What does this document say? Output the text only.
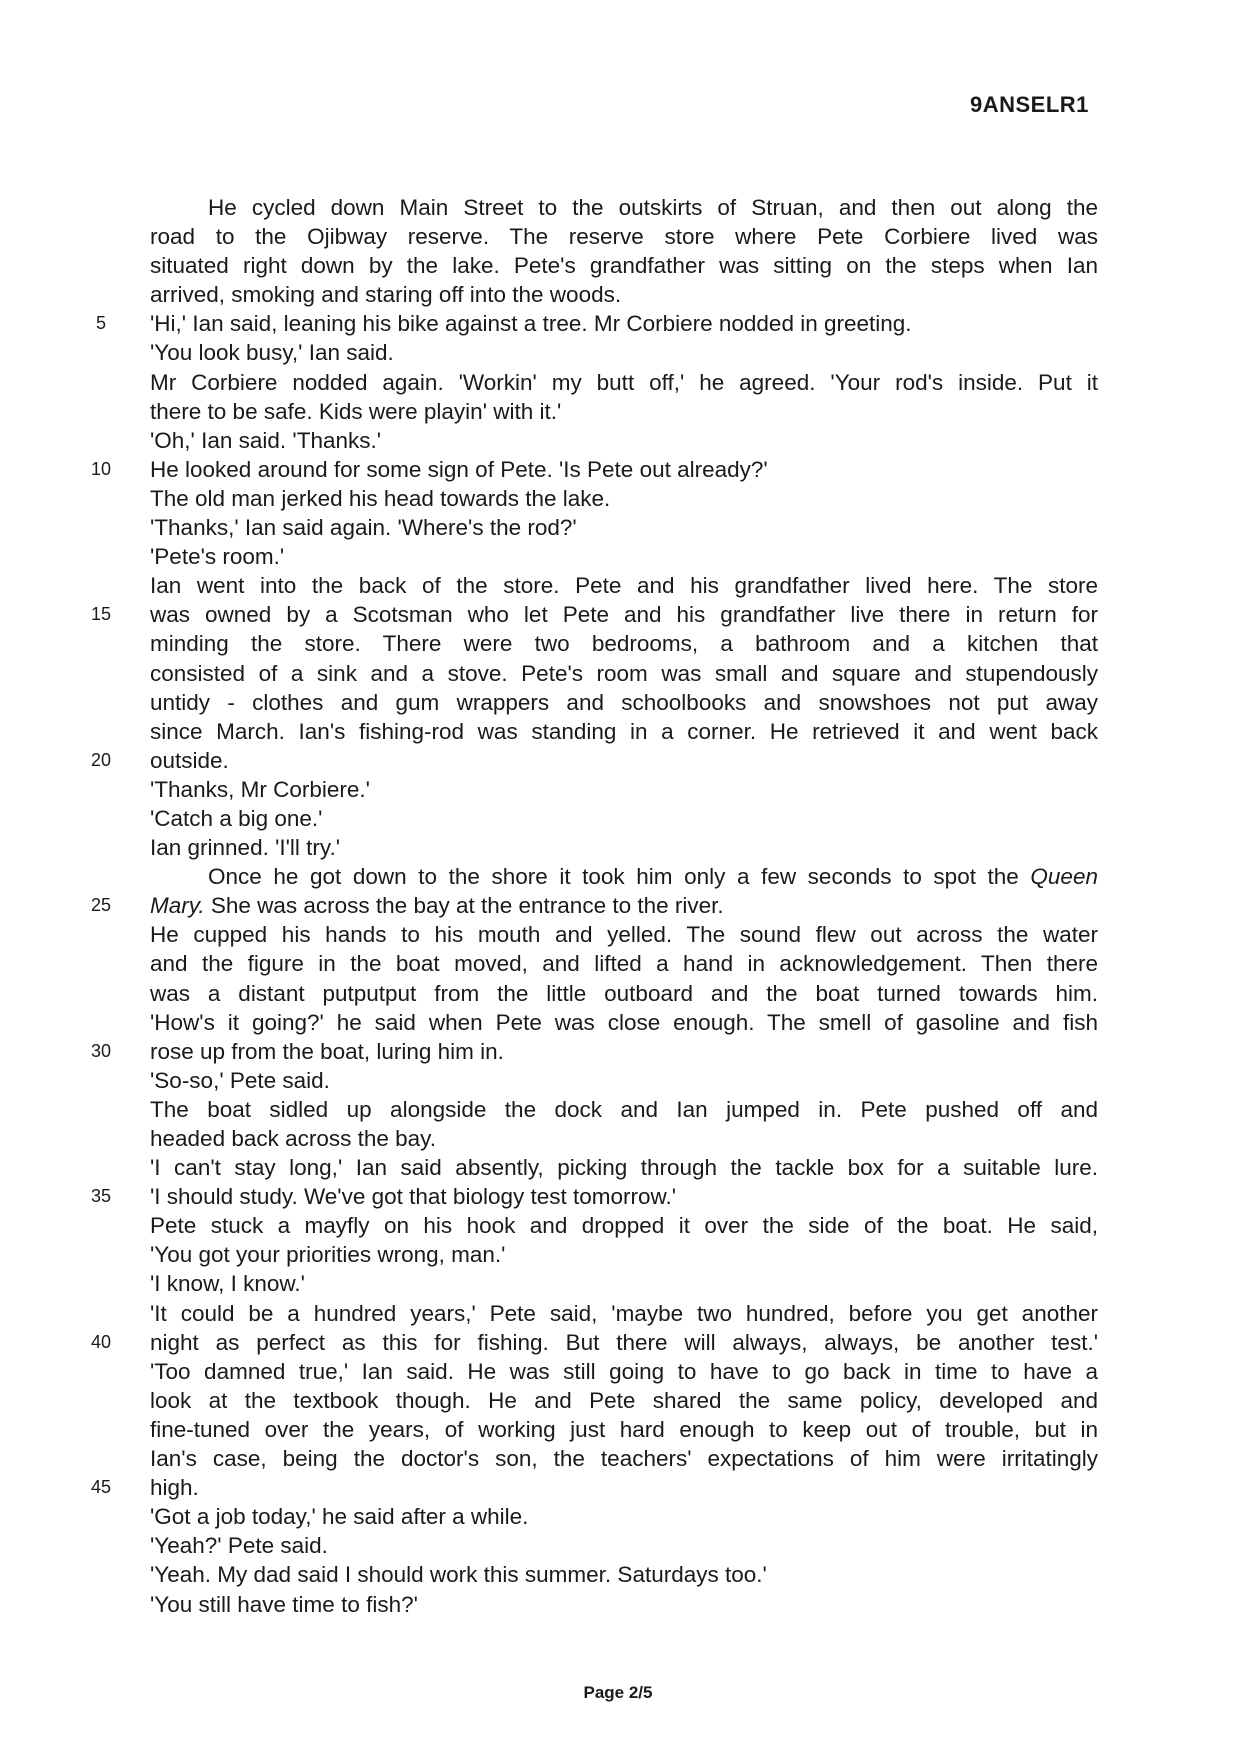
9ANSELR1
He cycled down Main Street to the outskirts of Struan, and then out along the
road to the Ojibway reserve. The reserve store where Pete Corbiere lived was
situated right down by the lake. Pete's grandfather was sitting on the steps when Ian
arrived, smoking and staring off into the woods.
5	'Hi,' Ian said, leaning his bike against a tree. Mr Corbiere nodded in greeting.
'You look busy,' Ian said.
Mr Corbiere nodded again. 'Workin' my butt off,' he agreed. 'Your rod's inside. Put it
there to be safe. Kids were playin' with it.'
'Oh,' Ian said. 'Thanks.'
10	He looked around for some sign of Pete. 'Is Pete out already?'
The old man jerked his head towards the lake.
'Thanks,' Ian said again. 'Where's the rod?'
'Pete's room.'
Ian went into the back of the store. Pete and his grandfather lived here. The store
15	was owned by a Scotsman who let Pete and his grandfather live there in return for
minding the store. There were two bedrooms, a bathroom and a kitchen that
consisted of a sink and a stove. Pete's room was small and square and stupendously
untidy - clothes and gum wrappers and schoolbooks and snowshoes not put away
since March. Ian's fishing-rod was standing in a corner. He retrieved it and went back
20	outside.
'Thanks, Mr Corbiere.'
'Catch a big one.'
Ian grinned. 'I'll try.'
Once he got down to the shore it took him only a few seconds to spot the Queen
25	Mary. She was across the bay at the entrance to the river.
He cupped his hands to his mouth and yelled. The sound flew out across the water
and the figure in the boat moved, and lifted a hand in acknowledgement. Then there
was a distant putputput from the little outboard and the boat turned towards him.
'How's it going?' he said when Pete was close enough. The smell of gasoline and fish
30	rose up from the boat, luring him in.
'So-so,' Pete said.
The boat sidled up alongside the dock and Ian jumped in. Pete pushed off and
headed back across the bay.
'I can't stay long,' Ian said absently, picking through the tackle box for a suitable lure.
35	'I should study. We've got that biology test tomorrow.'
Pete stuck a mayfly on his hook and dropped it over the side of the boat. He said,
'You got your priorities wrong, man.'
'I know, I know.'
'It could be a hundred years,' Pete said, 'maybe two hundred, before you get another
40	night as perfect as this for fishing. But there will always, always, be another test.'
'Too damned true,' Ian said. He was still going to have to go back in time to have a
look at the textbook though. He and Pete shared the same policy, developed and
fine-tuned over the years, of working just hard enough to keep out of trouble, but in
Ian's case, being the doctor's son, the teachers' expectations of him were irritatingly
45	high.
'Got a job today,' he said after a while.
'Yeah?' Pete said.
'Yeah. My dad said I should work this summer. Saturdays too.'
'You still have time to fish?'
Page 2/5
